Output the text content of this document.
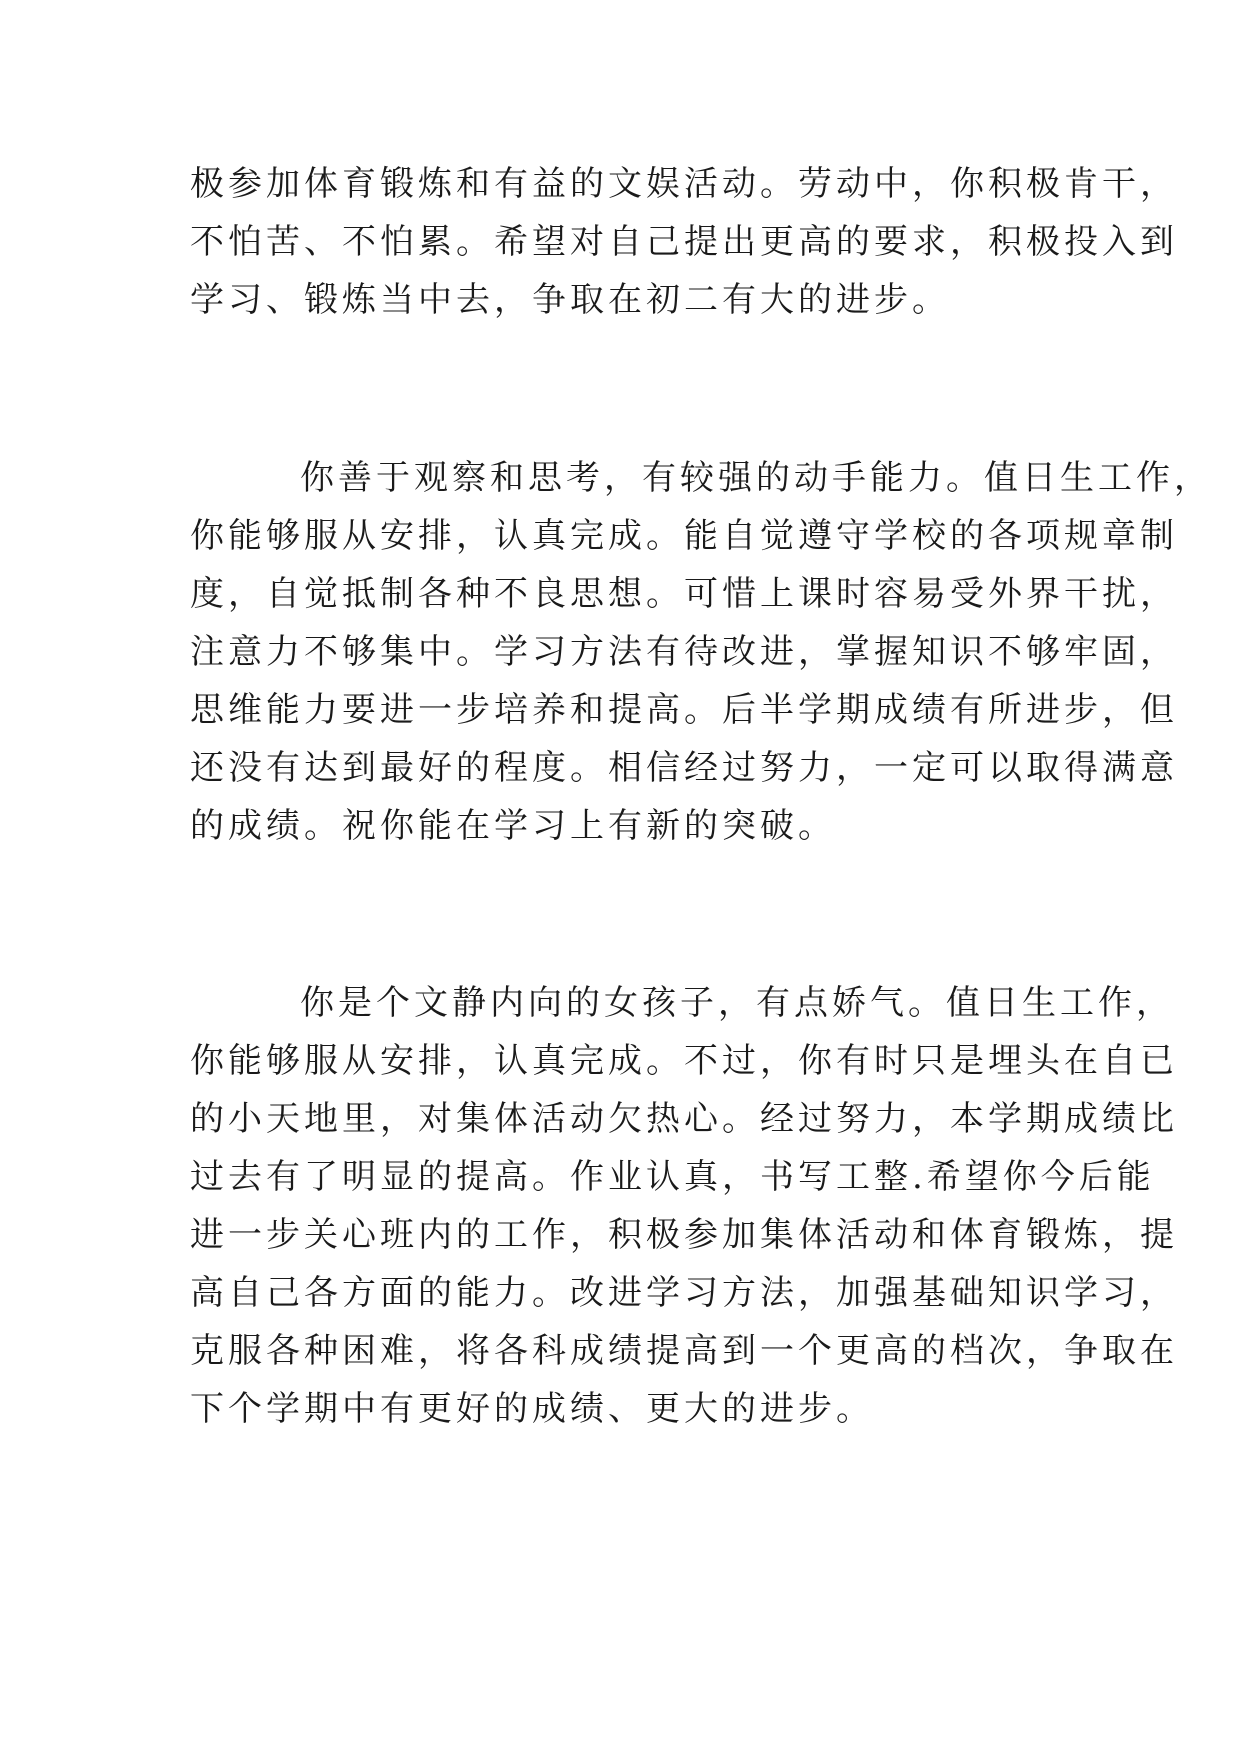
极参加体育锻炼和有益的文娱活动。劳动中，你积极肯干，
不怕苦、不怕累。希望对自己提出更高的要求，积极投入到
学习、锻炼当中去，争取在初二有大的进步。
你善于观察和思考，有较强的动手能力。值日生工作，
你能够服从安排，认真完成。能自觉遵守学校的各项规章制
度，自觉抵制各种不良思想。可惜上课时容易受外界干扰，
注意力不够集中。学习方法有待改进，掌握知识不够牢固，
思维能力要进一步培养和提高。后半学期成绩有所进步，但
还没有达到最好的程度。相信经过努力，一定可以取得满意
的成绩。祝你能在学习上有新的突破。
你是个文静内向的女孩子，有点娇气。值日生工作，
你能够服从安排，认真完成。不过，你有时只是埋头在自已
的小天地里，对集体活动欠热心。经过努力，本学期成绩比
过去有了明显的提高。作业认真，书写工整.希望你今后能
进一步关心班内的工作，积极参加集体活动和体育锻炼，提
高自己各方面的能力。改进学习方法，加强基础知识学习，
克服各种困难，将各科成绩提高到一个更高的档次，争取在
下个学期中有更好的成绩、更大的进步。
